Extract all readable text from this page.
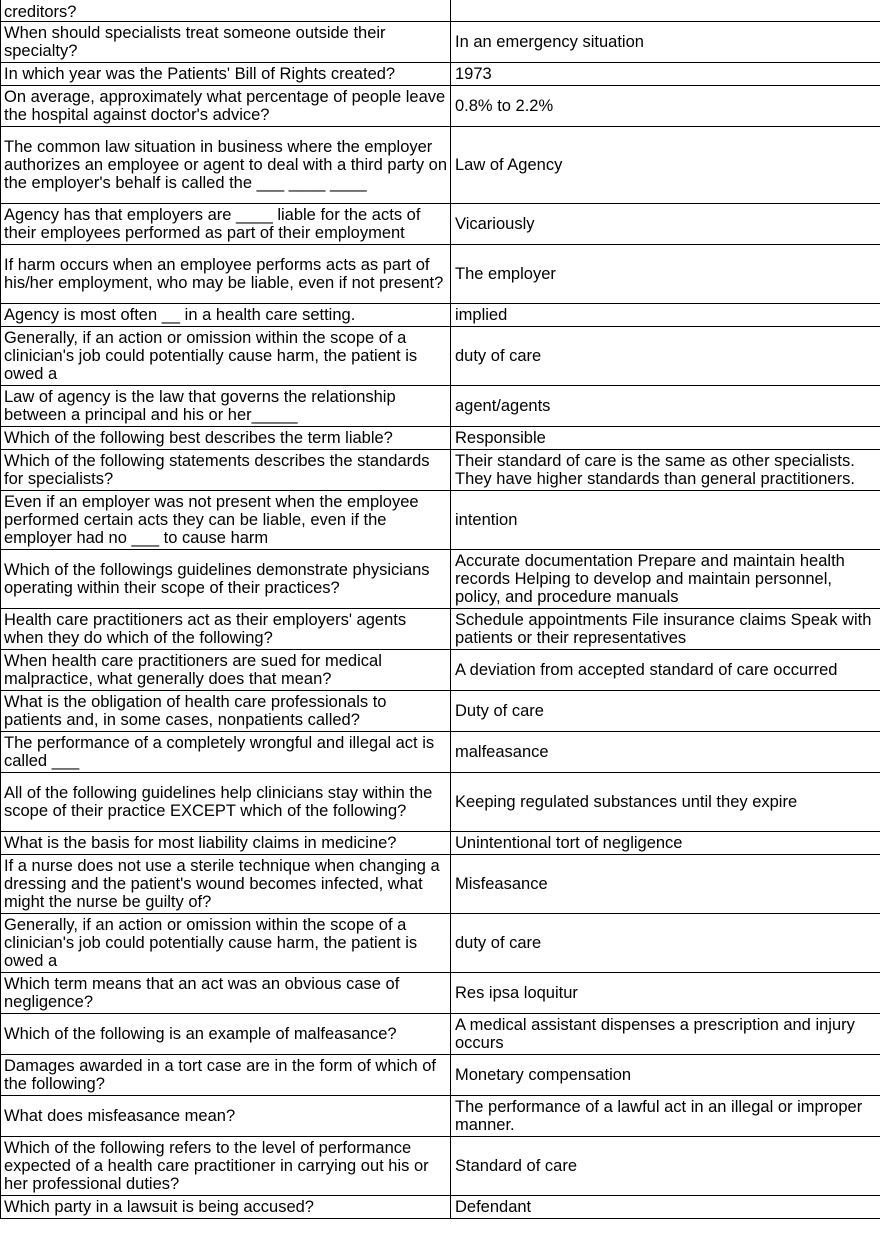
creditors?	
When should specialists treat someone outside their specialty?	In an emergency situation
In which year was the Patients' Bill of Rights created?	1973
On average, approximately what percentage of people leave the hospital against doctor's advice?	0.8% to 2.2%
The common law situation in business where the employer authorizes an employee or agent to deal with a third party on the employer's behalf is called the ___ ____ ____	Law of Agency
Agency has that employers are ____ liable for the acts of their employees performed as part of their employment	Vicariously
If harm occurs when an employee performs acts as part of his/her employment, who may be liable, even if not present?	The employer
Agency is most often __ in a health care setting.	implied
Generally, if an action or omission within the scope of a clinician's job could potentially cause harm, the patient is owed a	duty of care
Law of agency is the law that governs the relationship between a principal and his or her_____	agent/agents
Which of the following best describes the term liable?	Responsible
Which of the following statements describes the standards for specialists?	Their standard of care is the same as other specialists. They have higher standards than general practitioners.
Even if an employer was not present when the employee performed certain acts they can be liable, even if the employer had no ___ to cause harm	intention
Which of the followings guidelines demonstrate physicians operating within their scope of their practices?	Accurate documentation Prepare and maintain health records Helping to develop and maintain personnel, policy, and procedure manuals
Health care practitioners act as their employers' agents when they do which of the following?	Schedule appointments File insurance claims Speak with patients or their representatives
When health care practitioners are sued for medical malpractice, what generally does that mean?	A deviation from accepted standard of care occurred
What is the obligation of health care professionals to patients and, in some cases, nonpatients called?	Duty of care
The performance of a completely wrongful and illegal act is called ___	malfeasance
All of the following guidelines help clinicians stay within the scope of their practice EXCEPT which of the following?	Keeping regulated substances until they expire
What is the basis for most liability claims in medicine?	Unintentional tort of negligence
If a nurse does not use a sterile technique when changing a dressing and the patient's wound becomes infected, what might the nurse be guilty of?	Misfeasance
Generally, if an action or omission within the scope of a clinician's job could potentially cause harm, the patient is owed a	duty of care
Which term means that an act was an obvious case of negligence?	Res ipsa loquitur
Which of the following is an example of malfeasance?	A medical assistant dispenses a prescription and injury occurs
Damages awarded in a tort case are in the form of which of the following?	Monetary compensation
What does misfeasance mean?	The performance of a lawful act in an illegal or improper manner.
Which of the following refers to the level of performance expected of a health care practitioner in carrying out his or her professional duties?	Standard of care
Which party in a lawsuit is being accused?	Defendant
